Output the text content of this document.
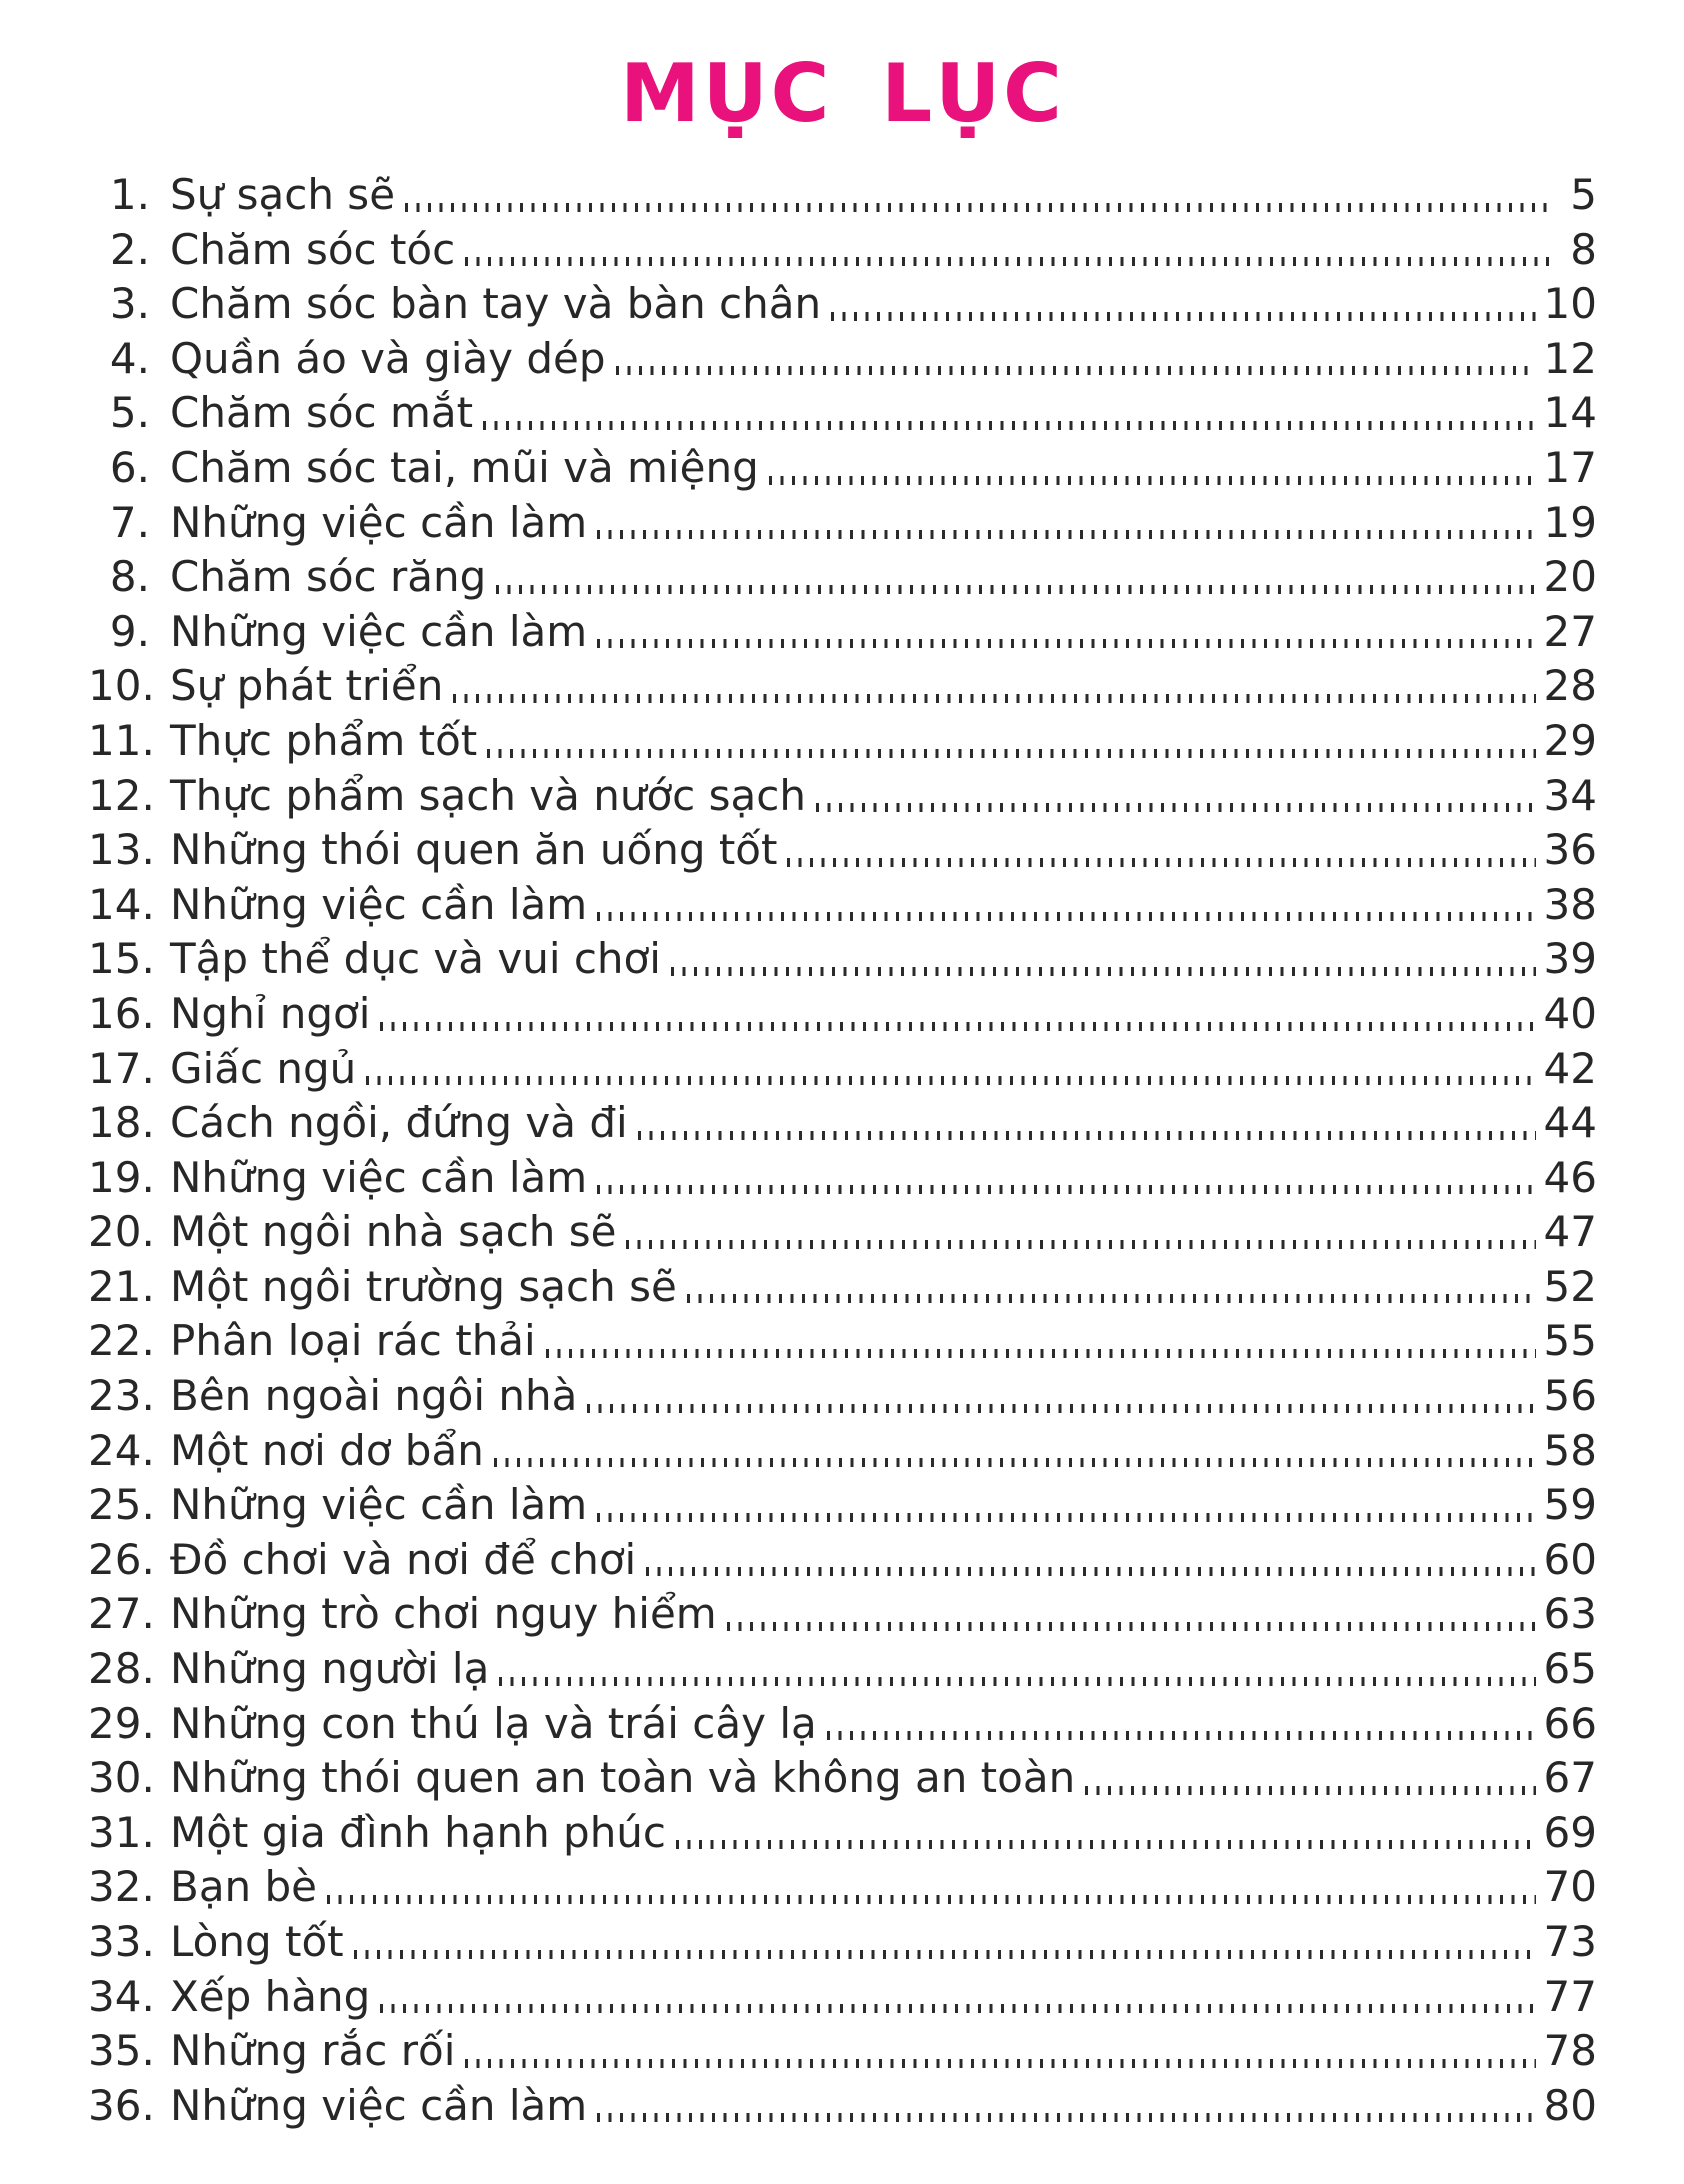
MỤC LỤC
1. Sự sạch sẽ	5
2. Chăm sóc tóc	8
3. Chăm sóc bàn tay và bàn chân	10
4. Quần áo và giày dép	12
5. Chăm sóc mắt	14
6. Chăm sóc tai, mũi và miệng	17
7. Những việc cần làm	19
8. Chăm sóc răng	20
9. Những việc cần làm	27
10. Sự phát triển	28
11. Thực phẩm tốt	29
12. Thực phẩm sạch và nước sạch	34
13. Những thói quen ăn uống tốt	36
14. Những việc cần làm	38
15. Tập thể dục và vui chơi	39
16. Nghỉ ngơi	40
17. Giấc ngủ	42
18. Cách ngồi, đứng và đi	44
19. Những việc cần làm	46
20. Một ngôi nhà sạch sẽ	47
21. Một ngôi trường sạch sẽ	52
22. Phân loại rác thải	55
23. Bên ngoài ngôi nhà	56
24. Một nơi dơ bẩn	58
25. Những việc cần làm	59
26. Đồ chơi và nơi để chơi	60
27. Những trò chơi nguy hiểm	63
28. Những người lạ	65
29. Những con thú lạ và trái cây lạ	66
30. Những thói quen an toàn và không an toàn	67
31. Một gia đình hạnh phúc	69
32. Bạn bè	70
33. Lòng tốt	73
34. Xếp hàng	77
35. Những rắc rối	78
36. Những việc cần làm	80
